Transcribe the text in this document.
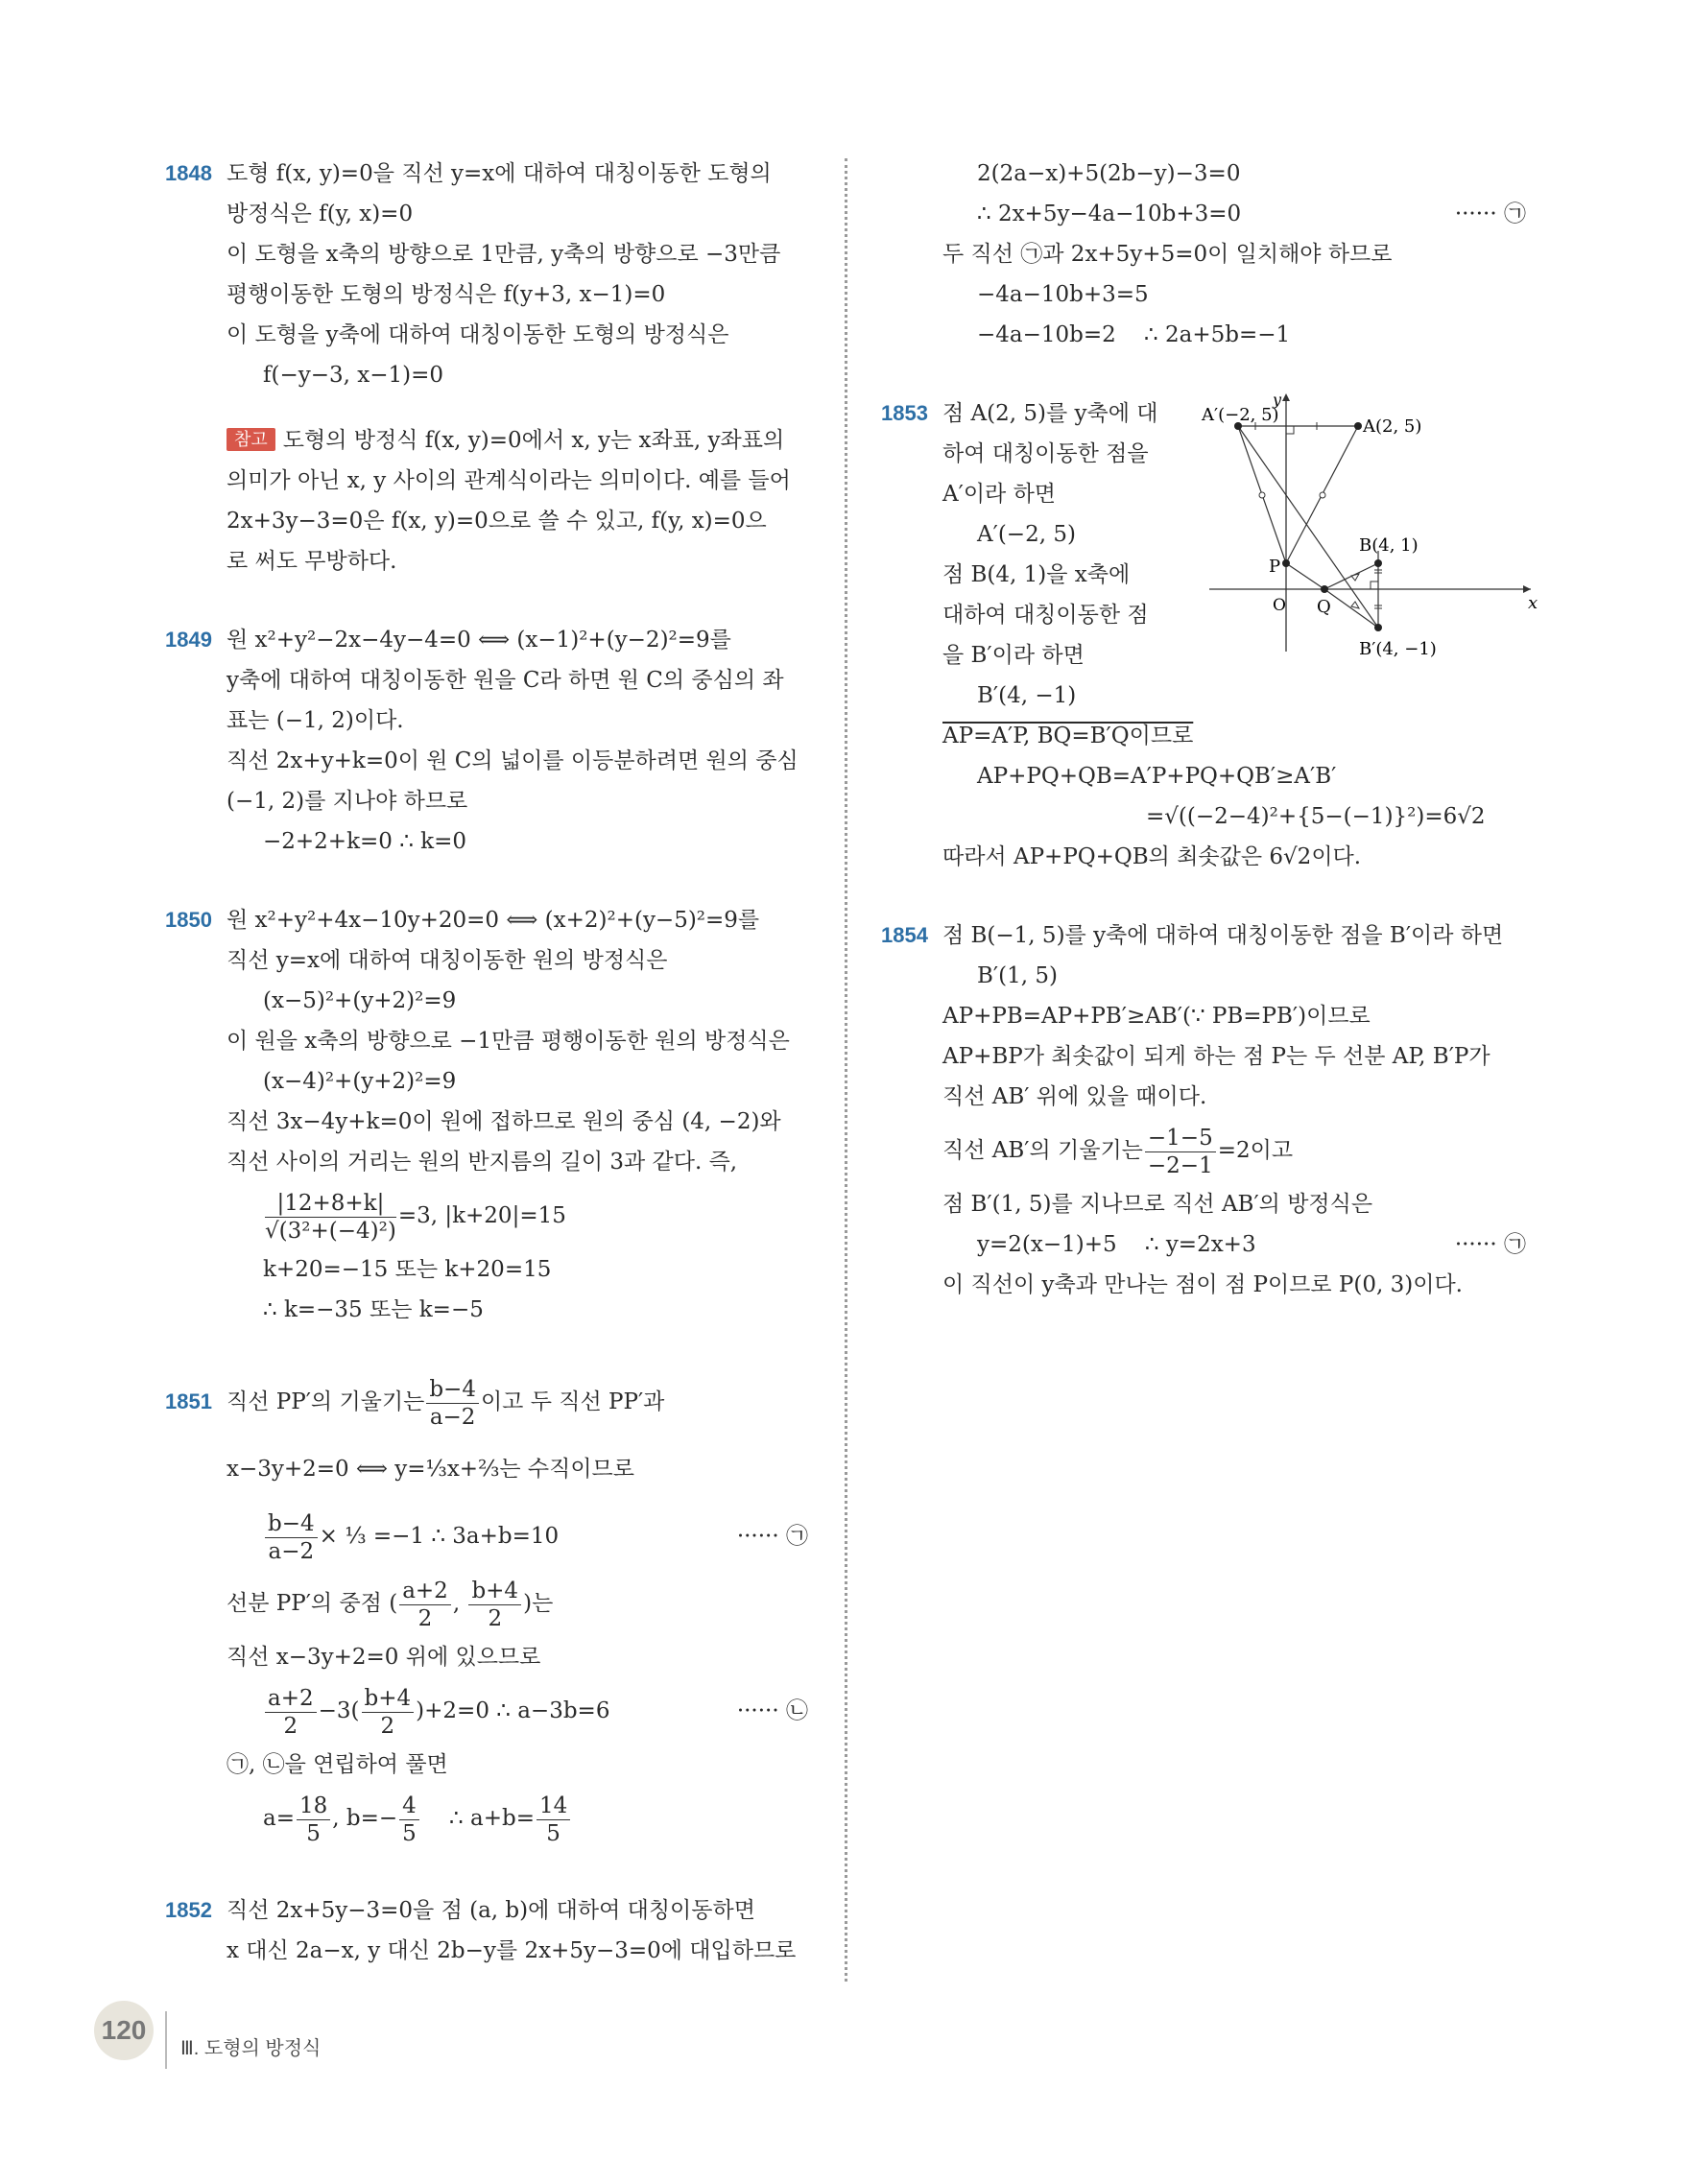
1848 도형 f(x, y)=0을 직선 y=x에 대하여 대칭이동한 도형의
방정식은 f(y, x)=0
이 도형을 x축의 방향으로 1만큼, y축의 방향으로 −3만큼
평행이동한 도형의 방정식은 f(y+3, x−1)=0
이 도형을 y축에 대하여 대칭이동한 도형의 방정식은
f(−y−3, x−1)=0
참고 도형의 방정식 f(x, y)=0에서 x, y는 x좌표, y좌표의
의미가 아닌 x, y 사이의 관계식이라는 의미이다. 예를 들어
2x+3y−3=0은 f(x, y)=0으로 쓸 수 있고, f(y, x)=0으
로 써도 무방하다.
1849 원 x²+y²−2x−4y−4=0 ⟺ (x−1)²+(y−2)²=9를
y축에 대하여 대칭이동한 원을 C라 하면 원 C의 중심의 좌
표는 (−1, 2)이다.
직선 2x+y+k=0이 원 C의 넓이를 이등분하려면 원의 중심
(−1, 2)를 지나야 하므로
−2+2+k=0 ∴ k=0
1850 원 x²+y²+4x−10y+20=0 ⟺ (x+2)²+(y−5)²=9를
직선 y=x에 대하여 대칭이동한 원의 방정식은
(x−5)²+(y+2)²=9
이 원을 x축의 방향으로 −1만큼 평행이동한 원의 방정식은
(x−4)²+(y+2)²=9
직선 3x−4y+k=0이 원에 접하므로 원의 중심 (4, −2)와
직선 사이의 거리는 원의 반지름의 길이 3과 같다. 즉,
$\frac{|12+8+k|}{\text{√(3²+(−4)²)}} =3$, |k+20|=15
k+20=−15 또는 k+20=15
∴ k=−35 또는 k=−5
1851 직선 PP′의 기울기는 $\frac{b-4}{a-2}$ 이고 두 직선 PP′과
x−3y+2=0 ⟺ y=⅓x+⅔는 수직이므로
$\frac{b-4}{a-2}$ × ⅓ =−1 ∴ 3a+b=10	······ ㉠
선분 PP′의 중점 ( $\frac{a+2}{2}$ , $\frac{b+4}{2}$ )는
직선 x−3y+2=0 위에 있으므로
$\frac{a+2}{2} -3( \frac{b+4}{2} )+2=0$ ∴ a−3b=6	······ ㉡
㉠, ㉡을 연립하여 풀면
$a= \frac{18}{5}$ , $b=- \frac{4}{5}$ ∴ $a+b= \frac{14}{5}$
1852 직선 2x+5y−3=0을 점 (a, b)에 대하여 대칭이동하면
x 대신 2a−x, y 대신 2b−y를 2x+5y−3=0에 대입하므로
2(2a−x)+5(2b−y)−3=0
∴ 2x+5y−4a−10b+3=0	······ ㉠
두 직선 ㉠과 2x+5y+5=0이 일치해야 하므로
−4a−10b+3=5
−4a−10b=2    ∴ 2a+5b=−1
1853 점 A(2, 5)를 y축에 대
하여 대칭이동한 점을
A′이라 하면
A′(−2, 5)
점 B(4, 1)을 x축에
대하여 대칭이동한 점
을 B′이라 하면
B′(4, −1)
AP=A′P, BQ=B′Q이므로
AP+PQ+QB=A′P+PQ+QB′≥A′B′
=√((−2−4)²+{5−(−1)}²)=6√2
따라서 AP+PQ+QB의 최솟값은 6√2이다.
x
y
O
A′(−2, 5)
A(2, 5)
B(4, 1)
B′(4, −1)
P
Q
1854 점 B(−1, 5)를 y축에 대하여 대칭이동한 점을 B′이라 하면
B′(1, 5)
AP+PB=AP+PB′≥AB′(∵ PB=PB′)이므로
AP+BP가 최솟값이 되게 하는 점 P는 두 선분 AP, B′P가
직선 AB′ 위에 있을 때이다.
직선 AB′의 기울기는 $\frac{-1-5}{-2-1} =2$이고
점 B′(1, 5)를 지나므로 직선 AB′의 방정식은
y=2(x−1)+5    ∴ y=2x+3	······ ㉠
이 직선이 y축과 만나는 점이 점 P이므로 P(0, 3)이다.
120
Ⅲ. 도형의 방정식
